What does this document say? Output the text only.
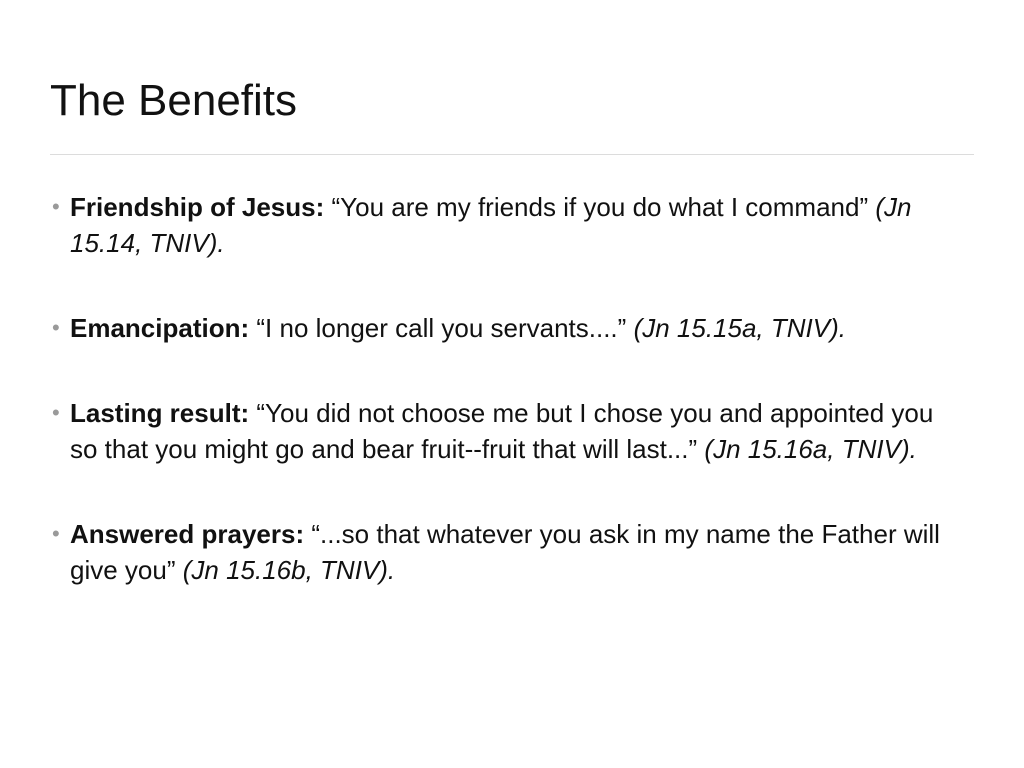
The Benefits
• Friendship of Jesus: “You are my friends if you do what I command” (Jn 15.14, TNIV).
• Emancipation: “I no longer call you servants....” (Jn 15.15a, TNIV).
• Lasting result: “You did not choose me but I chose you and appointed you so that you might go and bear fruit--fruit that will last...” (Jn 15.16a, TNIV).
• Answered prayers: “...so that whatever you ask in my name the Father will give you” (Jn 15.16b, TNIV).
